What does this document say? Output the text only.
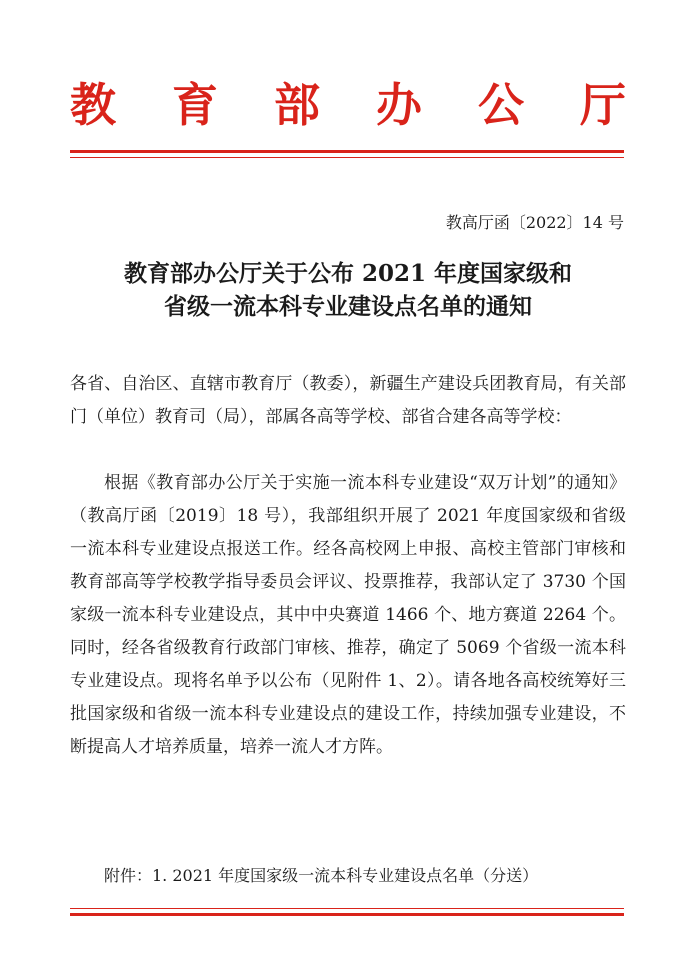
教 育 部 办 公 厅
教高厅函〔2022〕14 号
教育部办公厅关于公布 2021 年度国家级和
省级一流本科专业建设点名单的通知
各省、自治区、直辖市教育厅（教委），新疆生产建设兵团教育局，有关部门（单位）教育司（局），部属各高等学校、部省合建各高等学校：
根据《教育部办公厅关于实施一流本科专业建设“双万计划”的通知》（教高厅函〔2019〕18 号），我部组织开展了 2021 年度国家级和省级一流本科专业建设点报送工作。经各高校网上申报、高校主管部门审核和教育部高等学校教学指导委员会评议、投票推荐，我部认定了 3730 个国家级一流本科专业建设点，其中中央赛道 1466 个、地方赛道 2264 个。同时，经各省级教育行政部门审核、推荐，确定了 5069 个省级一流本科专业建设点。现将名单予以公布（见附件 1、2）。请各地各高校统筹好三批国家级和省级一流本科专业建设点的建设工作，持续加强专业建设，不断提高人才培养质量，培养一流人才方阵。
附件：1. 2021 年度国家级一流本科专业建设点名单（分送）
